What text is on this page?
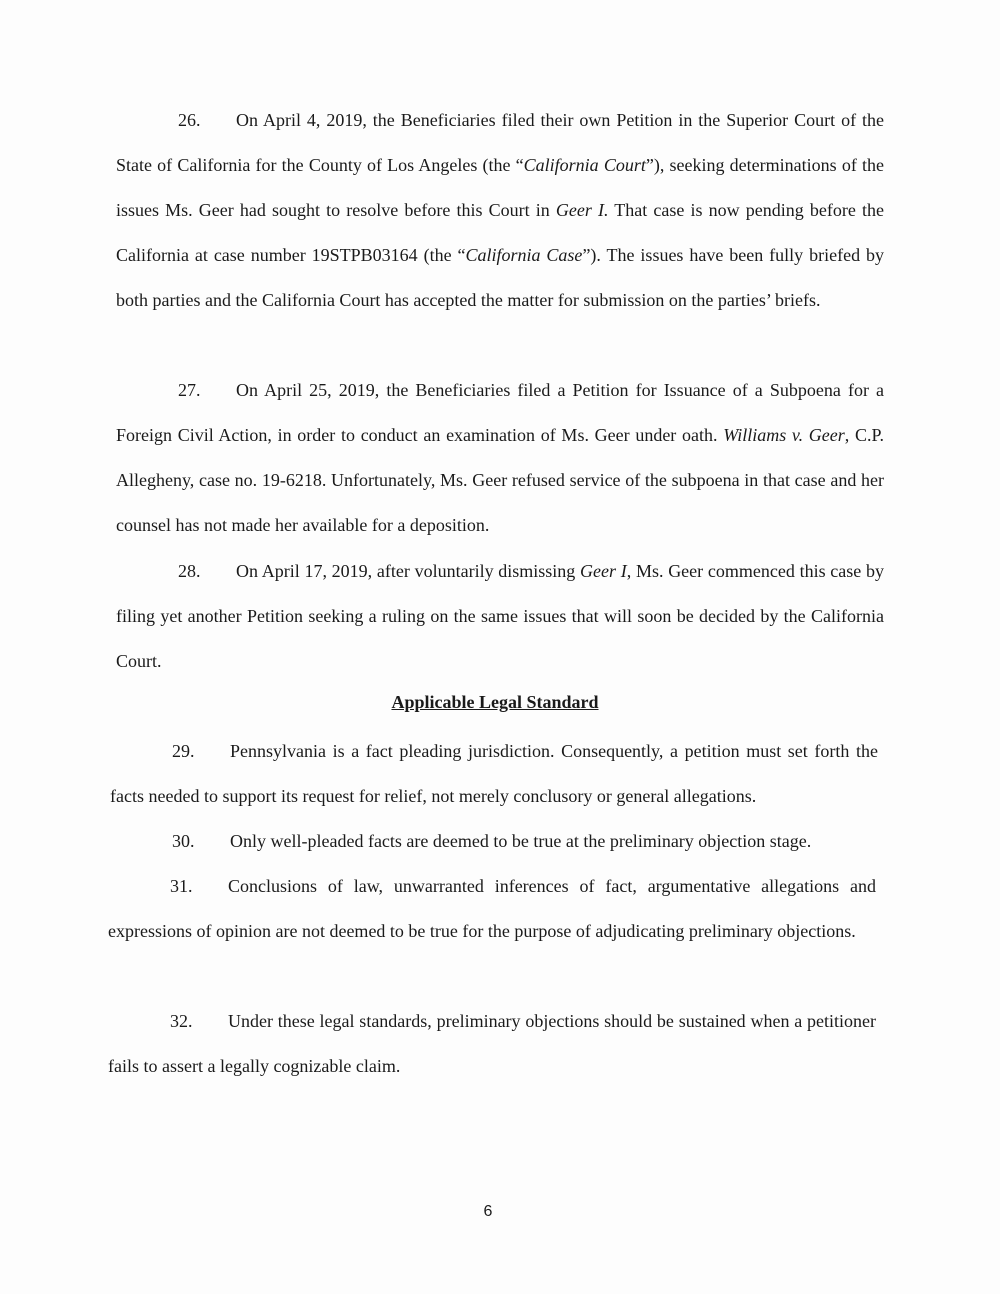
26. On April 4, 2019, the Beneficiaries filed their own Petition in the Superior Court of the State of California for the County of Los Angeles (the “California Court”), seeking determinations of the issues Ms. Geer had sought to resolve before this Court in Geer I. That case is now pending before the California at case number 19STPB03164 (the “California Case”). The issues have been fully briefed by both parties and the California Court has accepted the matter for submission on the parties’ briefs.
27. On April 25, 2019, the Beneficiaries filed a Petition for Issuance of a Subpoena for a Foreign Civil Action, in order to conduct an examination of Ms. Geer under oath. Williams v. Geer, C.P. Allegheny, case no. 19-6218. Unfortunately, Ms. Geer refused service of the subpoena in that case and her counsel has not made her available for a deposition.
28. On April 17, 2019, after voluntarily dismissing Geer I, Ms. Geer commenced this case by filing yet another Petition seeking a ruling on the same issues that will soon be decided by the California Court.
Applicable Legal Standard
29. Pennsylvania is a fact pleading jurisdiction. Consequently, a petition must set forth the facts needed to support its request for relief, not merely conclusory or general allegations.
30. Only well-pleaded facts are deemed to be true at the preliminary objection stage.
31. Conclusions of law, unwarranted inferences of fact, argumentative allegations and expressions of opinion are not deemed to be true for the purpose of adjudicating preliminary objections.
32. Under these legal standards, preliminary objections should be sustained when a petitioner fails to assert a legally cognizable claim.
6
